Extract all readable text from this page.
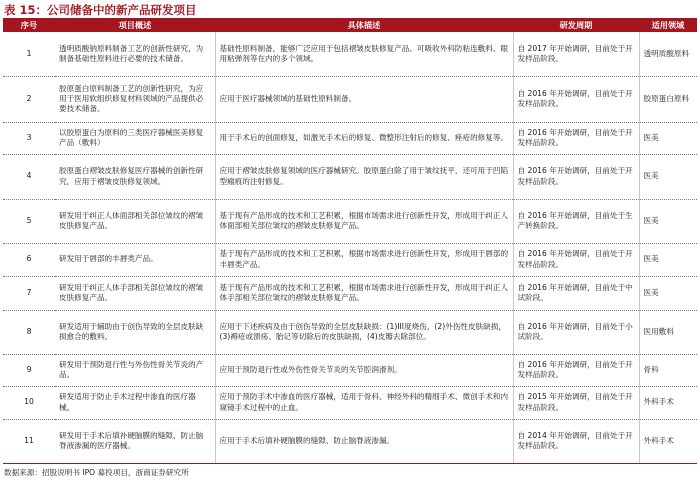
表 15：公司储备中的新产品研发项目
序号	项目概述	具体描述	研发周期	适用领域
1	透明质酸钠原料制备工艺的创新性研究，为制备基础性原料进行必要的技术储备。	基础性原料制备，能够广泛应用于包括褶皱皮肤修复产品、可吸收外科防粘连敷料、眼用粘弹剂等在内的多个领域。	自 2017 年开始调研，目前处于开发样品阶段。	透明质酸原料
2	胶原蛋白原料制备工艺的创新性研究，为应用于医用软组织修复材料领域的产品提供必要技术储备。	应用于医疗器械领域的基础性原料制备。	自 2016 年开始调研，目前处于开发样品阶段。	胶原蛋白原料
3	以胶原蛋白为原料的三类医疗器械医美修复产品（敷料）	用于手术后的创面修复，如激光手术后的修复、微整形注射后的修复、痤疮的修复等。	自 2016 年开始调研，目前处于开发样品阶段。	医美
4	胶原蛋白褶皱皮肤修复医疗器械的创新性研究，应用于褶皱皮肤修复领域。	应用于褶皱皮肤修复领域的医疗器械研究。胶原蛋白除了用于皱纹抚平，还可用于凹陷型瘢痕的注射修复。	自 2016 年开始调研，目前处于开发样品阶段。	医美
5	研发用于纠正人体面部相关部位皱纹的褶皱皮肤修复产品。	基于现有产品形成的技术和工艺积累，根据市场需求进行创新性开发，形成用于纠正人体面部相关部位皱纹的褶皱皮肤修复产品。	自 2016 年开始调研，目前处于生产转换阶段。	医美
6	研发用于唇部的丰唇类产品。	基于现有产品形成的技术和工艺积累，根据市场需求进行创新性开发，形成用于唇部的丰唇类产品。	自 2016 年开始调研，目前处于开发样品阶段。	医美
7	研发用于纠正人体手部相关部位皱纹的褶皱皮肤修复产品。	基于现有产品形成的技术和工艺积累，根据市场需求进行创新性开发，形成用于纠正人体手部相关部位皱纹的褶皱皮肤修复产品。	自 2016 年开始调研，目前处于中试阶段。	医美
8	研发适用于辅助由于创伤导致的全层皮肤缺损愈合的敷料。	应用于下述疾病及由于创伤导致的全层皮肤缺损：(1)III度烧伤，(2)外伤性皮肤缺损，(3)褥疮或溃疡、胎记等切除后的皮肤缺损，(4)皮瓣去除部位。	自 2016 年开始调研，目前处于小试阶段。	医用敷料
9	研发用于预防退行性与外伤性骨关节炎的产品。	应用于预防退行性或外伤性骨关节炎的关节腔润滑剂。	自 2016 年开始调研，目前处于开发样品阶段。	骨科
10	研发适用于防止手术过程中渗血的医疗器械。	应用于预防手术中渗血的医疗器械，适用于骨科、神经外科的精细手术、微创手术和内窥镜手术过程中的止血。	自 2015 年开始调研，目前处于开发样品阶段。	外科手术
11	研发用于手术后填补硬脑膜的缝隙、防止脑脊液渗漏的医疗器械。	应用于手术后填补硬脑膜的缝隙、防止脑脊液渗漏。	自 2014 年开始调研，目前处于开发样品阶段。	外科手术
数据来源：招股说明书 IPO 募投项目，浙商证券研究所
